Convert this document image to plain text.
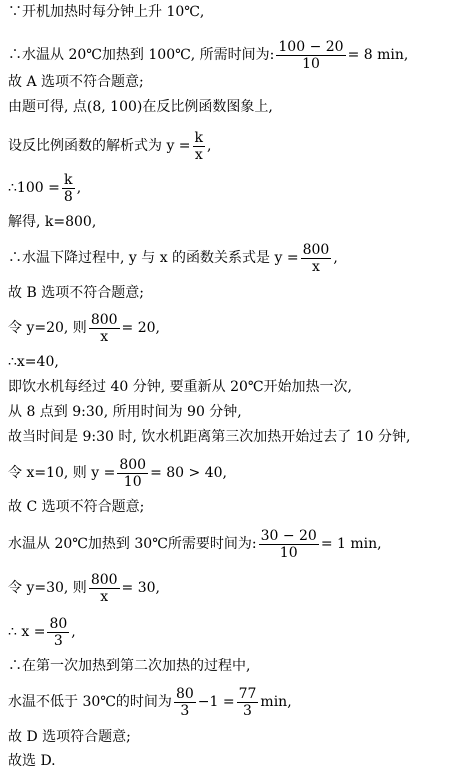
∵开机加热时每分钟上升 10℃,
∴水温从 20℃加热到 100℃, 所需时间为: $\frac{100 - 20}{10} = 8$ min,
故 A 选项不符合题意;
由题可得, 点(8, 100)在反比例函数图象上,
设反比例函数的解析式为 $y = \frac{k}{x}$ ,
∴100 = $\frac{k}{8}$ ,
解得, k=800,
∴水温下降过程中, y 与 x 的函数关系式是 $y = \frac{800}{x}$ ,
故 B 选项不符合题意;
令 y=20, 则 $\frac{800}{x} = 20$,
∴x=40,
即饮水机每经过 40 分钟, 要重新从 20℃开始加热一次,
从 8 点到 9:30, 所用时间为 90 分钟,
故当时间是 9:30 时, 饮水机距离第三次加热开始过去了 10 分钟,
令 x=10, 则 $y = \frac{800}{10} = 80 > 40$,
故 C 选项不符合题意;
水温从 20℃加热到 30℃所需要时间为: $\frac{30 - 20}{10} = 1$ min,
令 y=30, 则 $\frac{800}{x} = 30$,
∴ $x = \frac{80}{3}$ ,
∴在第一次加热到第二次加热的过程中,
水温不低于 30℃的时间为 $\frac{80}{3} -1 = \frac{77}{3} \min$,
故 D 选项符合题意;
故选 D.
